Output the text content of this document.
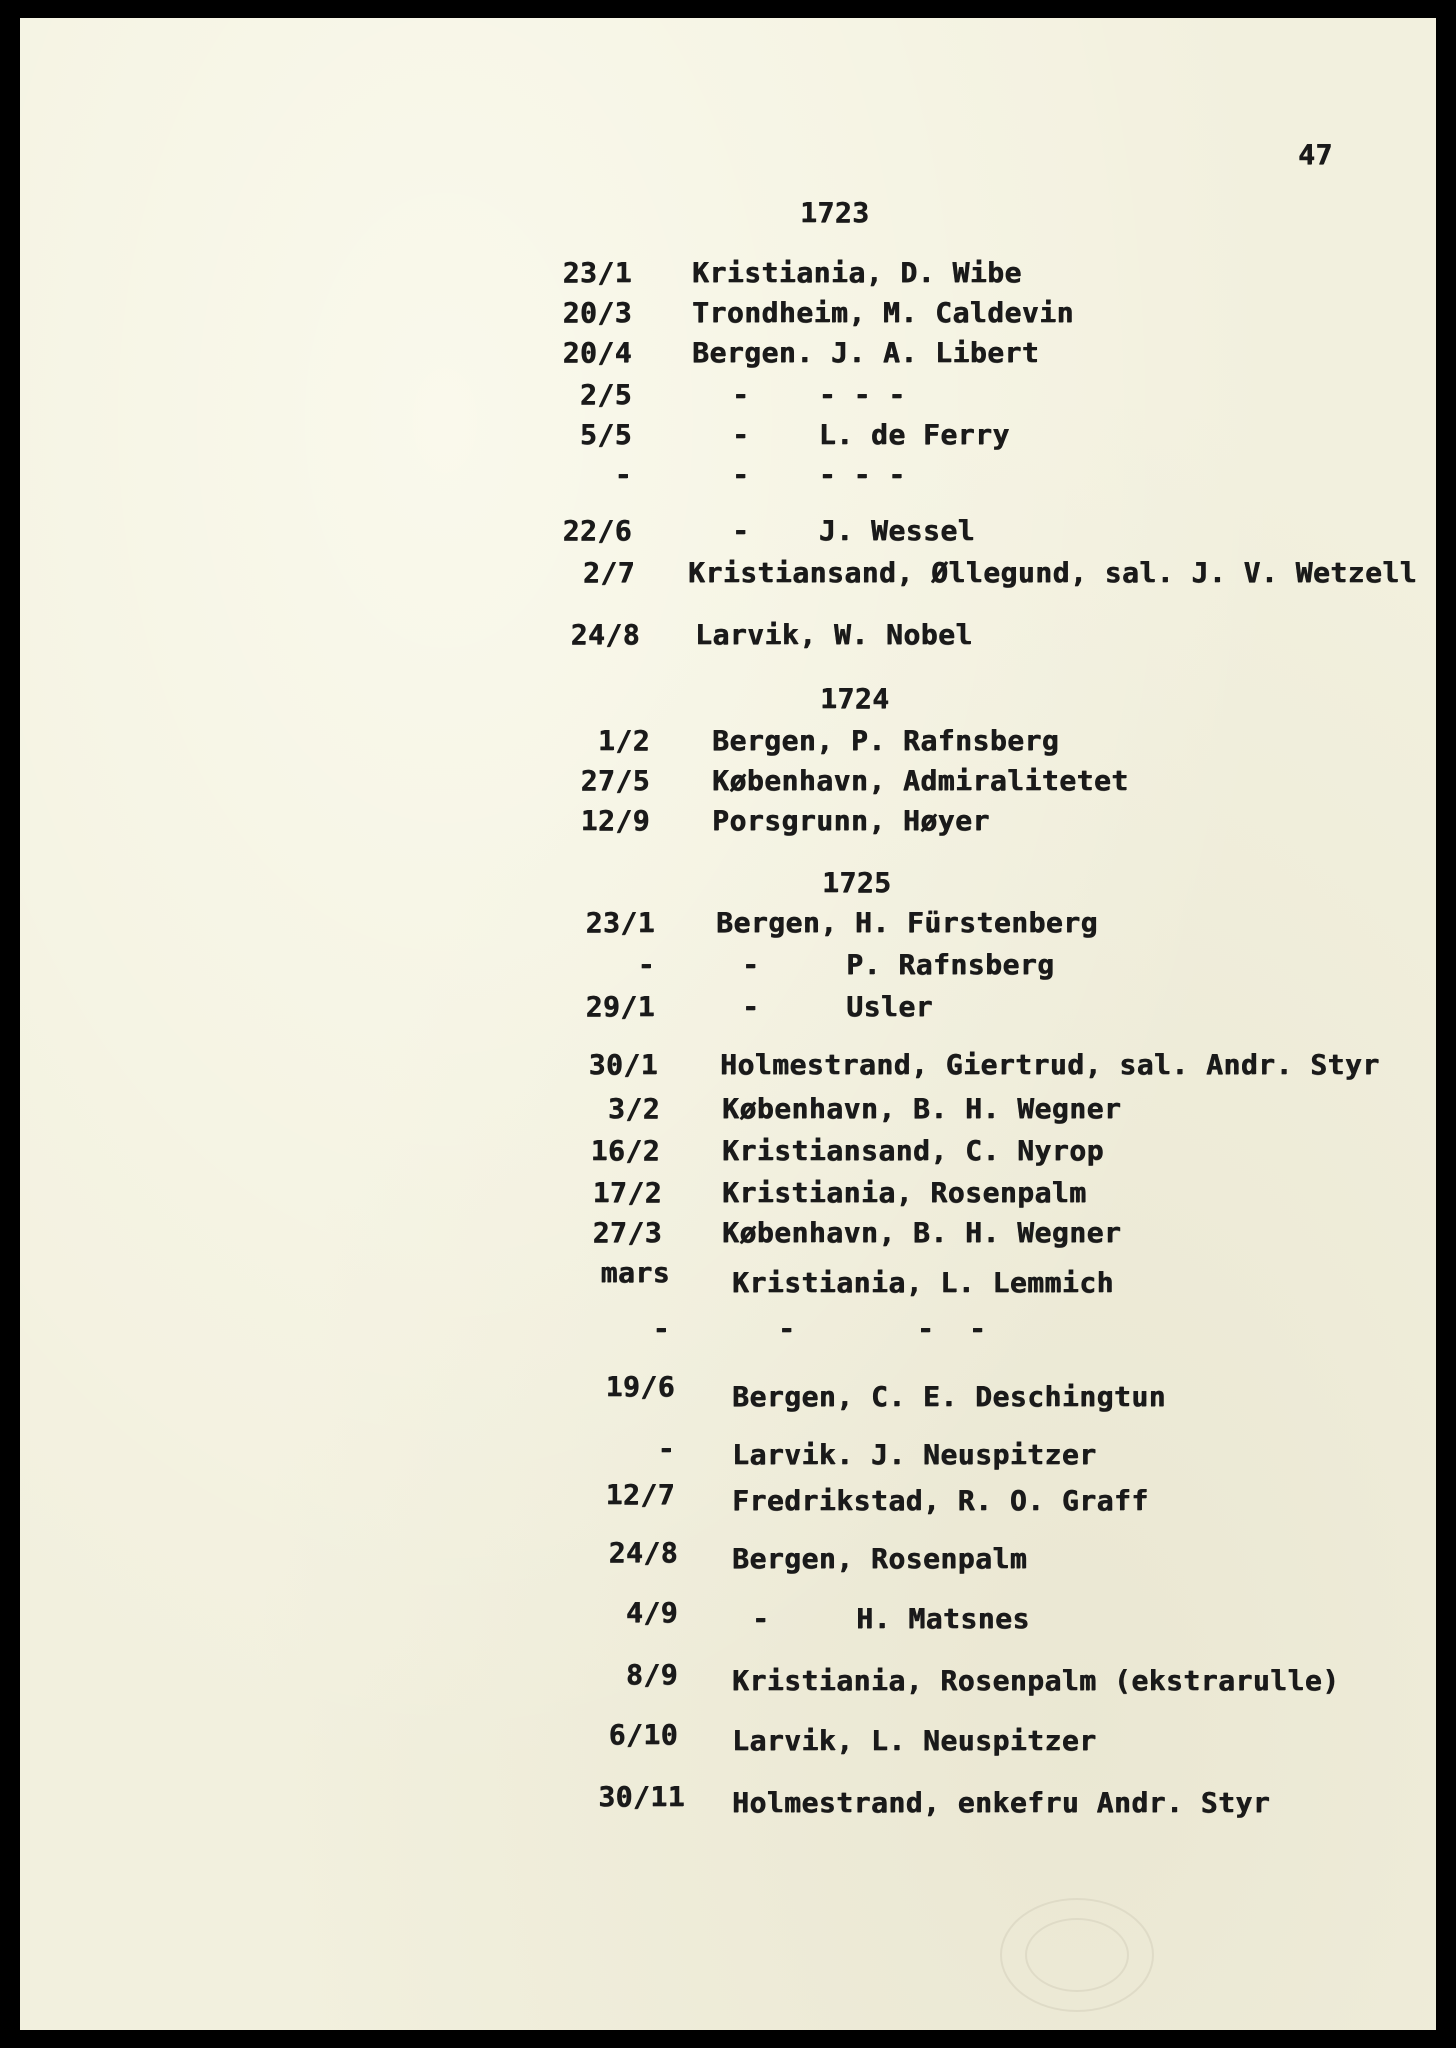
47
1723
23/1 Kristiania, D. Wibe
20/3 Trondheim, M. Caldevin
20/4 Bergen. J. A. Libert
2/5	-    - - -
5/5	-    L. de Ferry
-	-    - - -
22/6	-    J. Wessel
2/7 Kristiansand, Øllegund, sal. J. V. Wetzell
24/8 Larvik, W. Nobel
1724
1/2 Bergen, P. Rafnsberg
27/5 København, Admiralitetet
12/9 Porsgrunn, Høyer
1725
23/1 Bergen, H. Fürstenberg
-	-     P. Rafnsberg
29/1	-     Usler
30/1 Holmestrand, Giertrud, sal. Andr. Styr
3/2 København, B. H. Wegner
16/2 Kristiansand, C. Nyrop
17/2 Kristiania, Rosenpalm
27/3 København, B. H. Wegner
mars Kristiania, L. Lemmich
-	-       -  -
19/6 Bergen, C. E. Deschingtun
- Larvik. J. Neuspitzer
12/7 Fredrikstad, R. O. Graff
24/8 Bergen, Rosenpalm
4/9	-     H. Matsnes
8/9 Kristiania, Rosenpalm (ekstrarulle)
6/10 Larvik, L. Neuspitzer
30/11 Holmestrand, enkefru Andr. Styr
